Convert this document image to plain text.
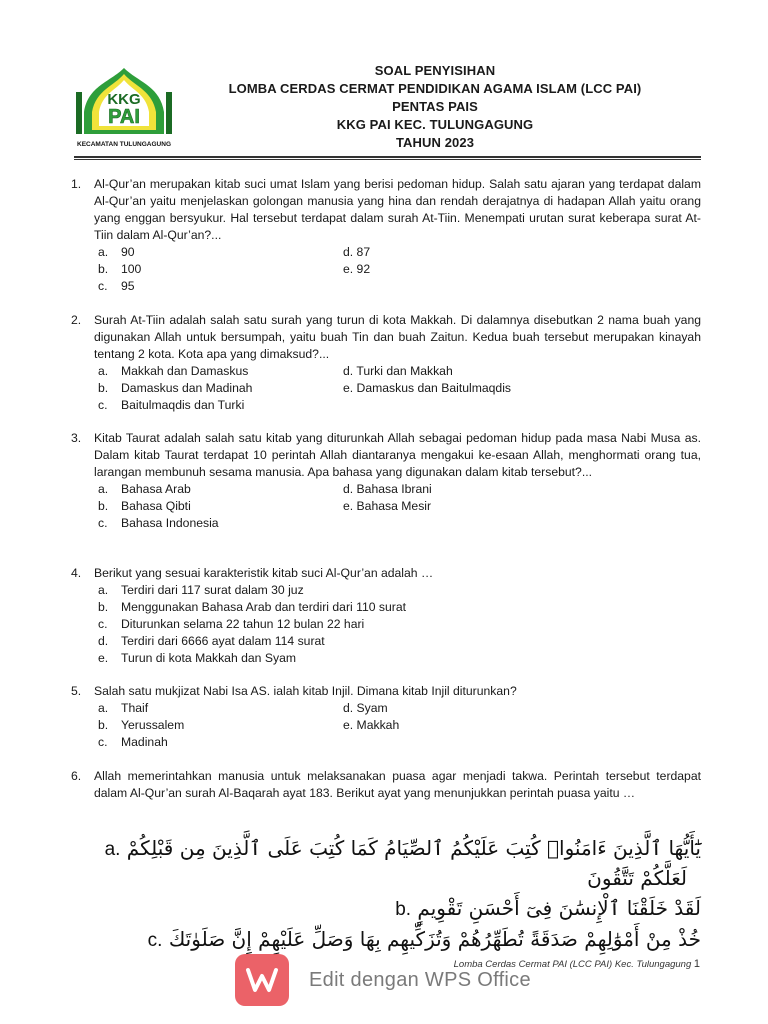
KKG
PAI
KECAMATAN TULUNGAGUNG
SOAL PENYISIHAN
LOMBA CERDAS CERMAT PENDIDIKAN AGAMA ISLAM (LCC PAI)
PENTAS PAIS
KKG PAI KEC. TULUNGAGUNG
TAHUN 2023
1. Al-Qur’an merupakan kitab suci umat Islam yang berisi pedoman hidup. Salah satu ajaran yang terdapat dalam Al-Qur’an yaitu menjelaskan golongan manusia yang hina dan rendah derajatnya di hadapan Allah yaitu orang yang enggan bersyukur. Hal tersebut terdapat dalam surah At-Tiin. Menempati urutan surat keberapa surat At-Tiin dalam Al-Qur’an?...
a.	90	d. 87
b.	100	e. 92
c.	95
2. Surah At-Tiin adalah salah satu surah yang turun di kota Makkah. Di dalamnya disebutkan 2 nama buah yang digunakan Allah untuk bersumpah, yaitu buah Tin dan buah Zaitun. Kedua buah tersebut merupakan kinayah tentang 2 kota. Kota apa yang dimaksud?...
a.	Makkah dan Damaskus	d. Turki dan Makkah
b.	Damaskus dan Madinah	e. Damaskus dan Baitulmaqdis
c.	Baitulmaqdis dan Turki
3. Kitab Taurat adalah salah satu kitab yang diturunkah Allah sebagai pedoman hidup pada masa Nabi Musa as. Dalam kitab Taurat terdapat 10 perintah Allah diantaranya mengakui ke-esaan Allah, menghormati orang tua, larangan membunuh sesama manusia. Apa bahasa yang digunakan dalam kitab tersebut?...
a.	Bahasa Arab	d. Bahasa Ibrani
b.	Bahasa Qibti	e. Bahasa Mesir
c.	Bahasa Indonesia
4. Berikut yang sesuai karakteristik kitab suci Al-Qur’an adalah …
a.	Terdiri dari 117 surat dalam 30 juz
b.	Menggunakan Bahasa Arab dan terdiri dari 110 surat
c.	Diturunkan selama 22 tahun 12 bulan 22 hari
d.	Terdiri dari 6666 ayat dalam 114 surat
e.	Turun di kota Makkah dan Syam
5. Salah satu mukjizat Nabi Isa AS. ialah kitab Injil. Dimana kitab Injil diturunkan?
a.	Thaif	d. Syam
b.	Yerussalem	e. Makkah
c.	Madinah
6. Allah memerintahkan manusia untuk melaksanakan puasa agar menjadi takwa. Perintah tersebut terdapat dalam Al-Qur’an surah Al-Baqarah ayat 183. Berikut ayat yang menunjukkan perintah puasa yaitu …
يَٰٓأَيُّهَا ٱلَّذِينَ ءَامَنُوا۟ كُتِبَ عَلَيْكُمُ ٱلصِّيَامُ كَمَا كُتِبَ عَلَى ٱلَّذِينَ مِن قَبْلِكُمْ a.
لَعَلَّكُمْ تَتَّقُونَ
لَقَدْ خَلَقْنَا ٱلْإِنسَٰنَ فِىٓ أَحْسَنِ تَقْوِيمٍ b.
خُذْ مِنْ أَمْوَٰلِهِمْ صَدَقَةً تُطَهِّرُهُمْ وَتُزَكِّيهِم بِهَا وَصَلِّ عَلَيْهِمْ إِنَّ صَلَوٰتَكَ c.
Lomba Cerdas Cermat PAI (LCC PAI) Kec. Tulungagung 1
Edit dengan WPS Office
